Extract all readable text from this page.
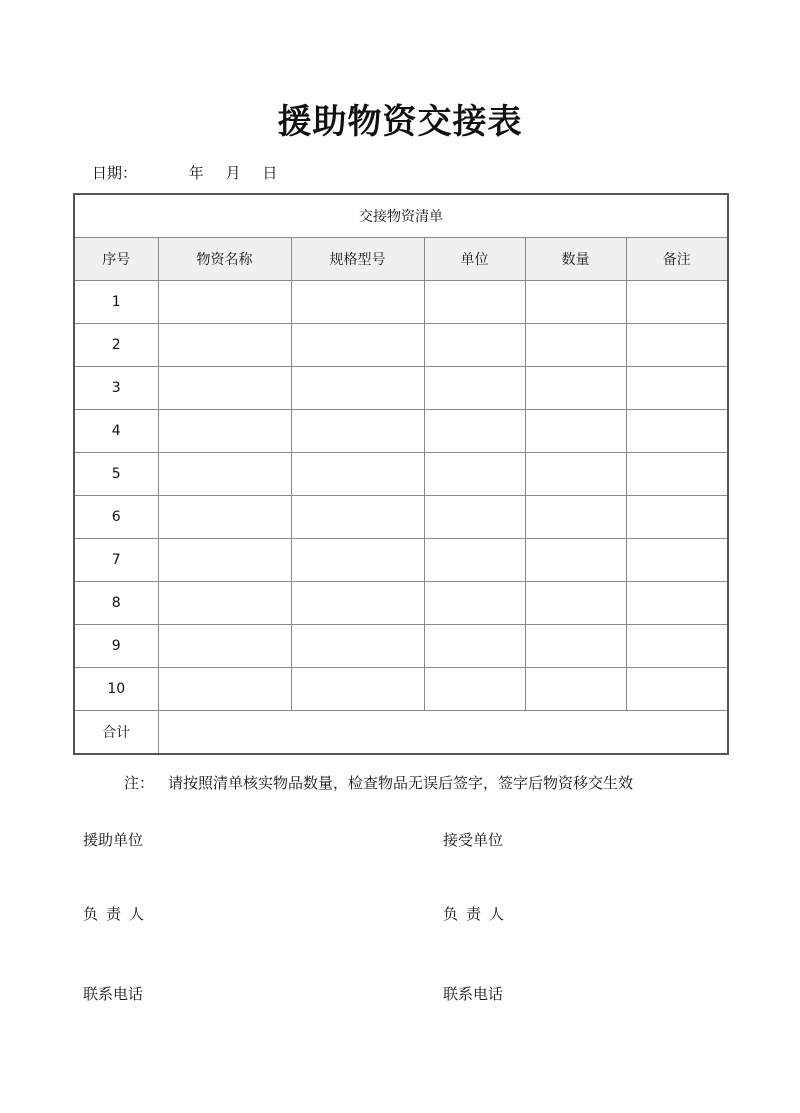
援助物资交接表
日期：	年 月 日
交接物资清单					
序号	物资名称	规格型号	单位	数量	备注
1					
2					
3					
4					
5					
6					
7					
8					
9					
10					
合计					
注： 请按照清单核实物品数量，检查物品无误后签字，签字后物资移交生效
援助单位	接受单位
负责人	负责人
联系电话	联系电话
